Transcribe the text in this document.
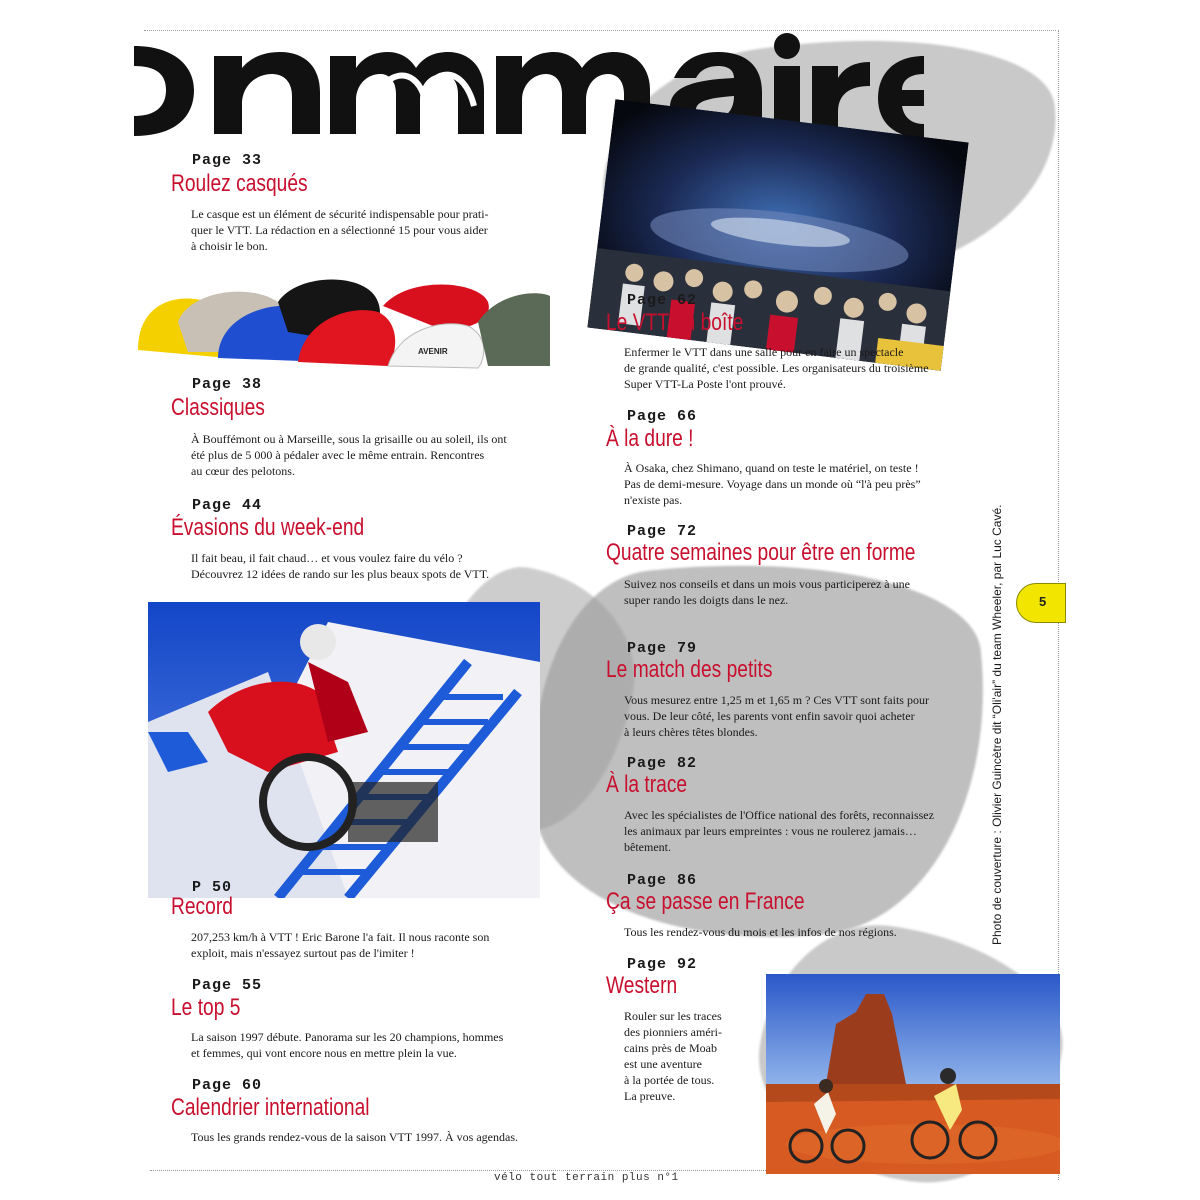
AVENIR
Page 33
Roulez casqués
Le casque est un élément de sécurité indispensable pour prati-
quer le VTT. La rédaction en a sélectionné 15 pour vous aider
à choisir le bon.
Page 38
Classiques
À Bouffémont ou à Marseille, sous la grisaille ou au soleil, ils ont
été plus de 5 000 à pédaler avec le même entrain. Rencontres
au cœur des pelotons.
Page 44
Évasions du week-end
Il fait beau, il fait chaud… et vous voulez faire du vélo ?
Découvrez 12 idées de rando sur les plus beaux spots de VTT.
P 50
Record
207,253 km/h à VTT ! Eric Barone l'a fait. Il nous raconte son
exploit, mais n'essayez surtout pas de l'imiter !
Page 55
Le top 5
La saison 1997 débute. Panorama sur les 20 champions, hommes
et femmes, qui vont encore nous en mettre plein la vue.
Page 60
Calendrier international
Tous les grands rendez-vous de la saison VTT 1997. À vos agendas.
Page 62
Le VTT en boîte
Enfermer le VTT dans une salle pour en faire un spectacle
de grande qualité, c'est possible. Les organisateurs du troisième
Super VTT-La Poste l'ont prouvé.
Page 66
À la dure !
À Osaka, chez Shimano, quand on teste le matériel, on teste !
Pas de demi-mesure. Voyage dans un monde où “l'à peu près”
n'existe pas.
Page 72
Quatre semaines pour être en forme
Suivez nos conseils et dans un mois vous participerez à une
super rando les doigts dans le nez.
Page 79
Le match des petits
Vous mesurez entre 1,25 m et 1,65 m ? Ces VTT sont faits pour
vous. De leur côté, les parents vont enfin savoir quoi acheter
à leurs chères têtes blondes.
Page 82
À la trace
Avec les spécialistes de l'Office national des forêts, reconnaissez
les animaux par leurs empreintes : vous ne roulerez jamais…
bêtement.
Page 86
Ça se passe en France
Tous les rendez-vous du mois et les infos de nos régions.
Page 92
Western
Rouler sur les traces
des pionniers améri-
cains près de Moab
est une aventure
à la portée de tous.
La preuve.
5
Photo de couverture : Olivier Guincètre dit “Oli'air” du team Wheeler, par Luc Cavé.
vélo tout terrain plus n°1
